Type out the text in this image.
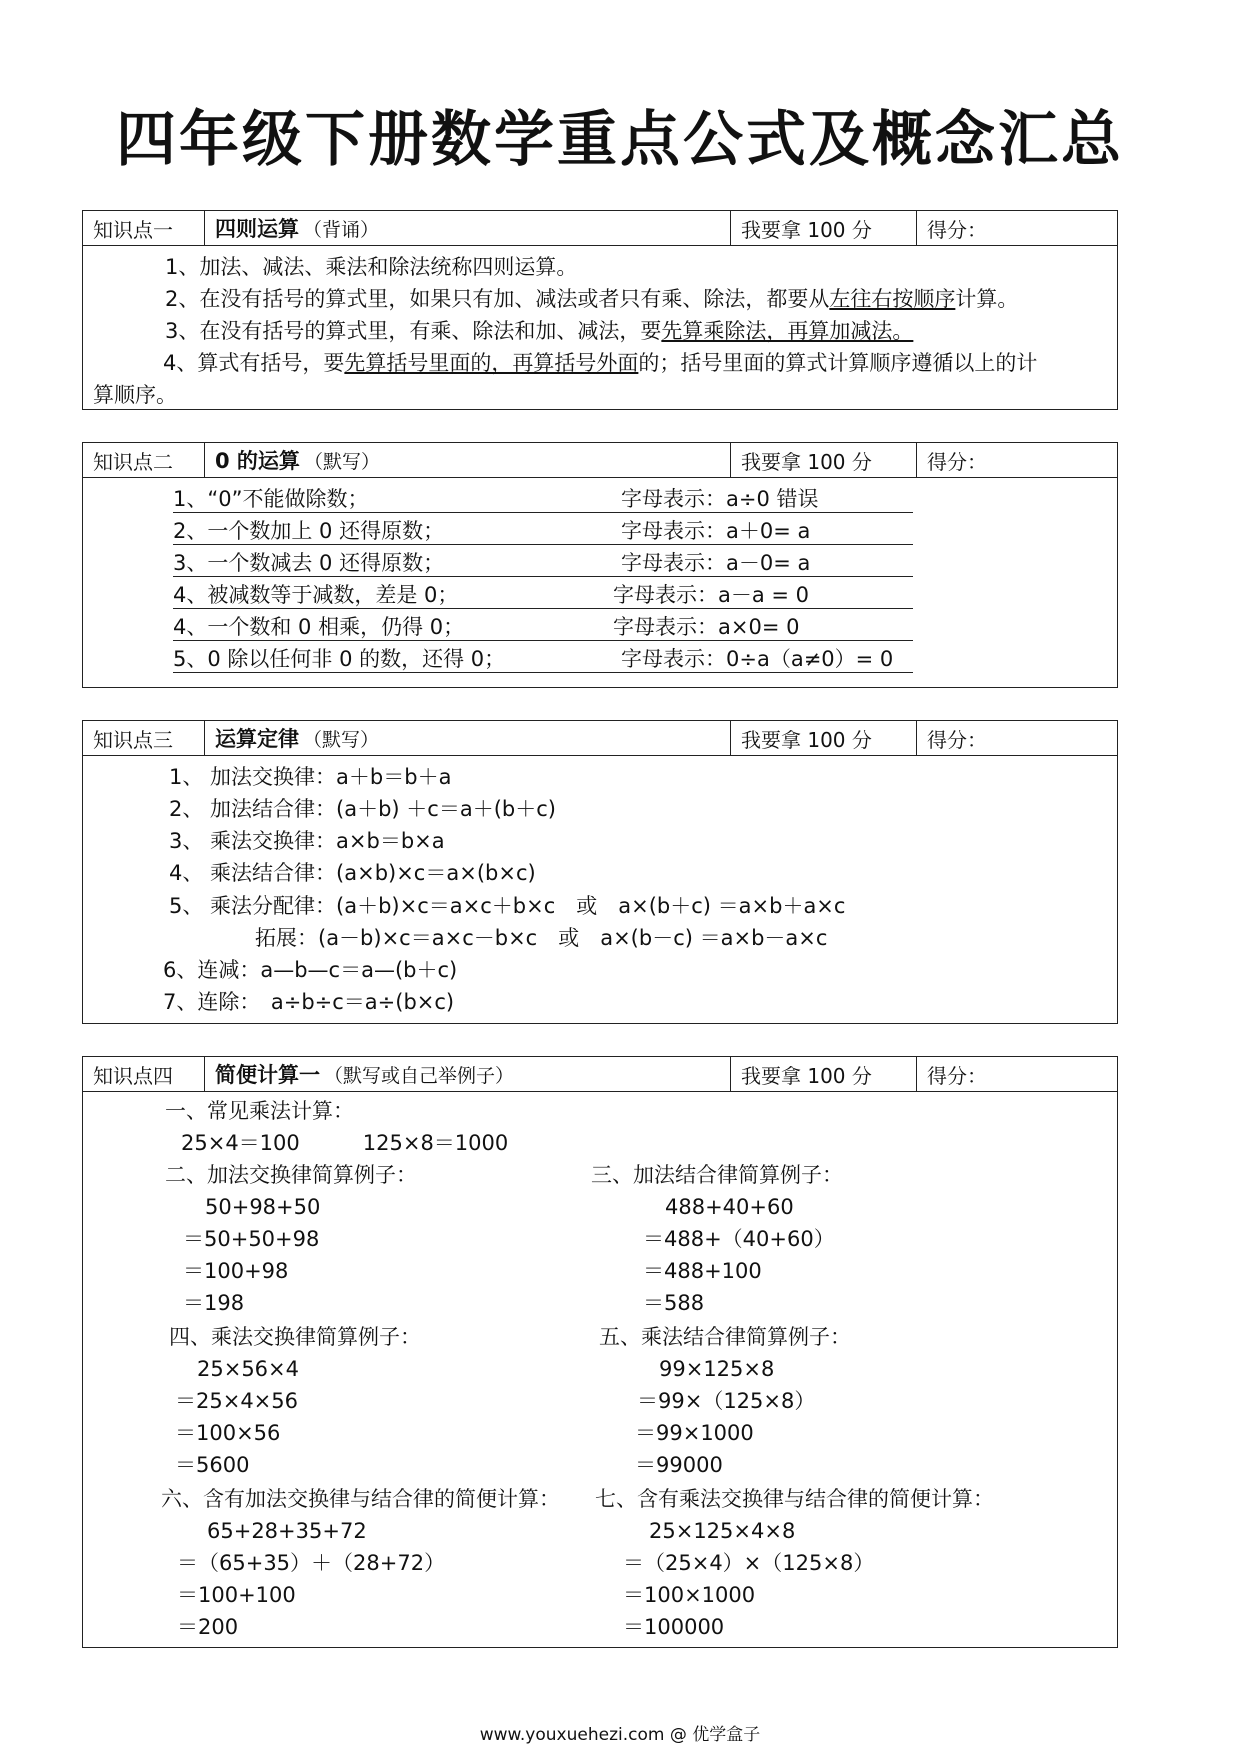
四年级下册数学重点公式及概念汇总
知识点一	四则运算 （背诵）	我要拿 100 分	得分：
1、加法、减法、乘法和除法统称四则运算。
2、在没有括号的算式里，如果只有加、减法或者只有乘、除法，都要从左往右按顺序计算。
3、在没有括号的算式里，有乘、除法和加、减法，要先算乘除法，再算加减法。
4、算式有括号，要先算括号里面的，再算括号外面的；括号里面的算式计算顺序遵循以上的计
算顺序。
知识点二	0 的运算 （默写）	我要拿 100 分	得分：
1、“0”不能做除数；	字母表示：a÷0 错误
2、一个数加上 0 还得原数；	字母表示：a＋0= a
3、一个数减去 0 还得原数；	字母表示：a－0= a
4、被减数等于减数，差是 0；	字母表示：a－a = 0
4、一个数和 0 相乘，仍得 0；	字母表示：a×0= 0
5、0 除以任何非 0 的数，还得 0；	字母表示：0÷a（a≠0）= 0
知识点三	运算定律 （默写）	我要拿 100 分	得分：
1、 加法交换律：a＋b＝b＋a
2、 加法结合律：(a＋b) ＋c＝a＋(b＋c)
3、 乘法交换律：a×b＝b×a
4、 乘法结合律：(a×b)×c＝a×(b×c)
5、 乘法分配律：(a＋b)×c＝a×c＋b×c　或　a×(b＋c) ＝a×b＋a×c
拓展：(a－b)×c＝a×c－b×c　或　a×(b－c) ＝a×b－a×c
6、连减：a—b—c＝a—(b＋c)
7、连除：　a÷b÷c＝a÷(b×c)
知识点四	简便计算一 （默写或自己举例子）	我要拿 100 分	得分：
一、常见乘法计算：
25×4＝100　　　125×8＝1000
二、加法交换律简算例子：
50+98+50
＝50+50+98
＝100+98
＝198
四、乘法交换律简算例子：
25×56×4
＝25×4×56
＝100×56
＝5600
六、含有加法交换律与结合律的简便计算：
65+28+35+72
＝（65+35）＋（28+72）
＝100+100
＝200
三、加法结合律简算例子：
488+40+60
＝488+（40+60）
＝488+100
＝588
五、乘法结合律简算例子：
99×125×8
＝99×（125×8）
＝99×1000
＝99000
七、含有乘法交换律与结合律的简便计算：
25×125×4×8
＝（25×4）×（125×8）
＝100×1000
＝100000
www.youxuehezi.com @ 优学盒子
